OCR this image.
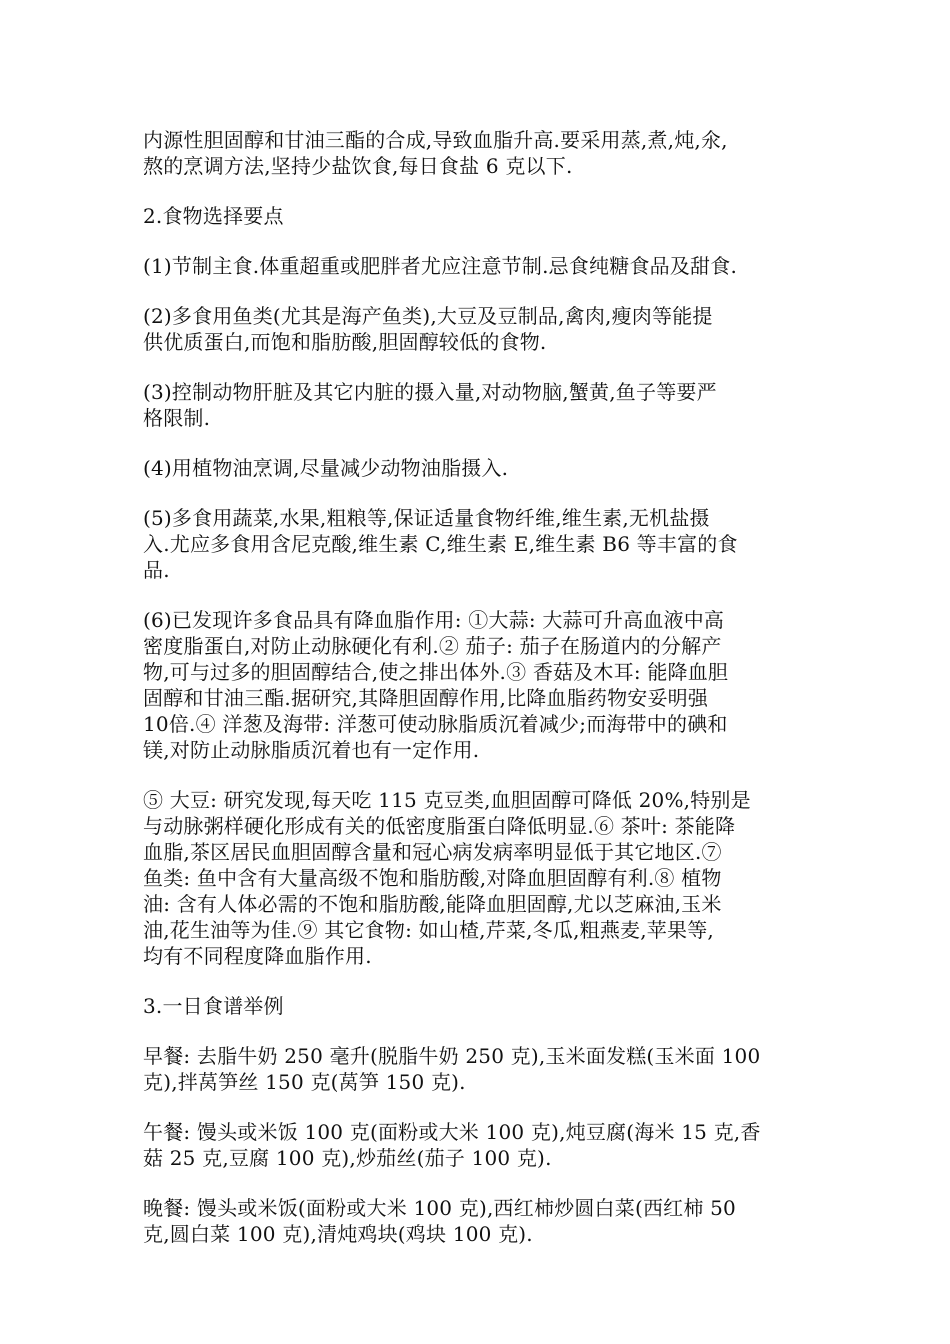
内源性胆固醇和甘油三酯的合成,导致血脂升高.要采用蒸,煮,炖,氽,
熬的烹调方法,坚持少盐饮食,每日食盐 6 克以下.

2.食物选择要点

(1)节制主食.体重超重或肥胖者尤应注意节制.忌食纯糖食品及甜食.

(2)多食用鱼类(尤其是海产鱼类),大豆及豆制品,禽肉,瘦肉等能提
供优质蛋白,而饱和脂肪酸,胆固醇较低的食物.

(3)控制动物肝脏及其它内脏的摄入量,对动物脑,蟹黄,鱼子等要严
格限制.

(4)用植物油烹调,尽量减少动物油脂摄入.

(5)多食用蔬菜,水果,粗粮等,保证适量食物纤维,维生素,无机盐摄
入.尤应多食用含尼克酸,维生素 C,维生素 E,维生素 B6 等丰富的食
品.

(6)已发现许多食品具有降血脂作用: ①大蒜: 大蒜可升高血液中高
密度脂蛋白,对防止动脉硬化有利.② 茄子: 茄子在肠道内的分解产
物,可与过多的胆固醇结合,使之排出体外.③ 香菇及木耳: 能降血胆
固醇和甘油三酯.据研究,其降胆固醇作用,比降血脂药物安妥明强
10倍.④ 洋葱及海带: 洋葱可使动脉脂质沉着减少;而海带中的碘和
镁,对防止动脉脂质沉着也有一定作用.

⑤ 大豆: 研究发现,每天吃 115 克豆类,血胆固醇可降低 20%,特别是
与动脉粥样硬化形成有关的低密度脂蛋白降低明显.⑥ 茶叶: 茶能降
血脂,茶区居民血胆固醇含量和冠心病发病率明显低于其它地区.⑦
鱼类: 鱼中含有大量高级不饱和脂肪酸,对降血胆固醇有利.⑧ 植物
油: 含有人体必需的不饱和脂肪酸,能降血胆固醇,尤以芝麻油,玉米
油,花生油等为佳.⑨ 其它食物: 如山楂,芹菜,冬瓜,粗燕麦,苹果等,
均有不同程度降血脂作用.

3.一日食谱举例

早餐: 去脂牛奶 250 毫升(脱脂牛奶 250 克),玉米面发糕(玉米面 100
克),拌莴笋丝 150 克(莴笋 150 克).

午餐: 馒头或米饭 100 克(面粉或大米 100 克),炖豆腐(海米 15 克,香
菇 25 克,豆腐 100 克),炒茄丝(茄子 100 克).

晚餐: 馒头或米饭(面粉或大米 100 克),西红柿炒圆白菜(西红柿 50
克,圆白菜 100 克),清炖鸡块(鸡块 100 克).
